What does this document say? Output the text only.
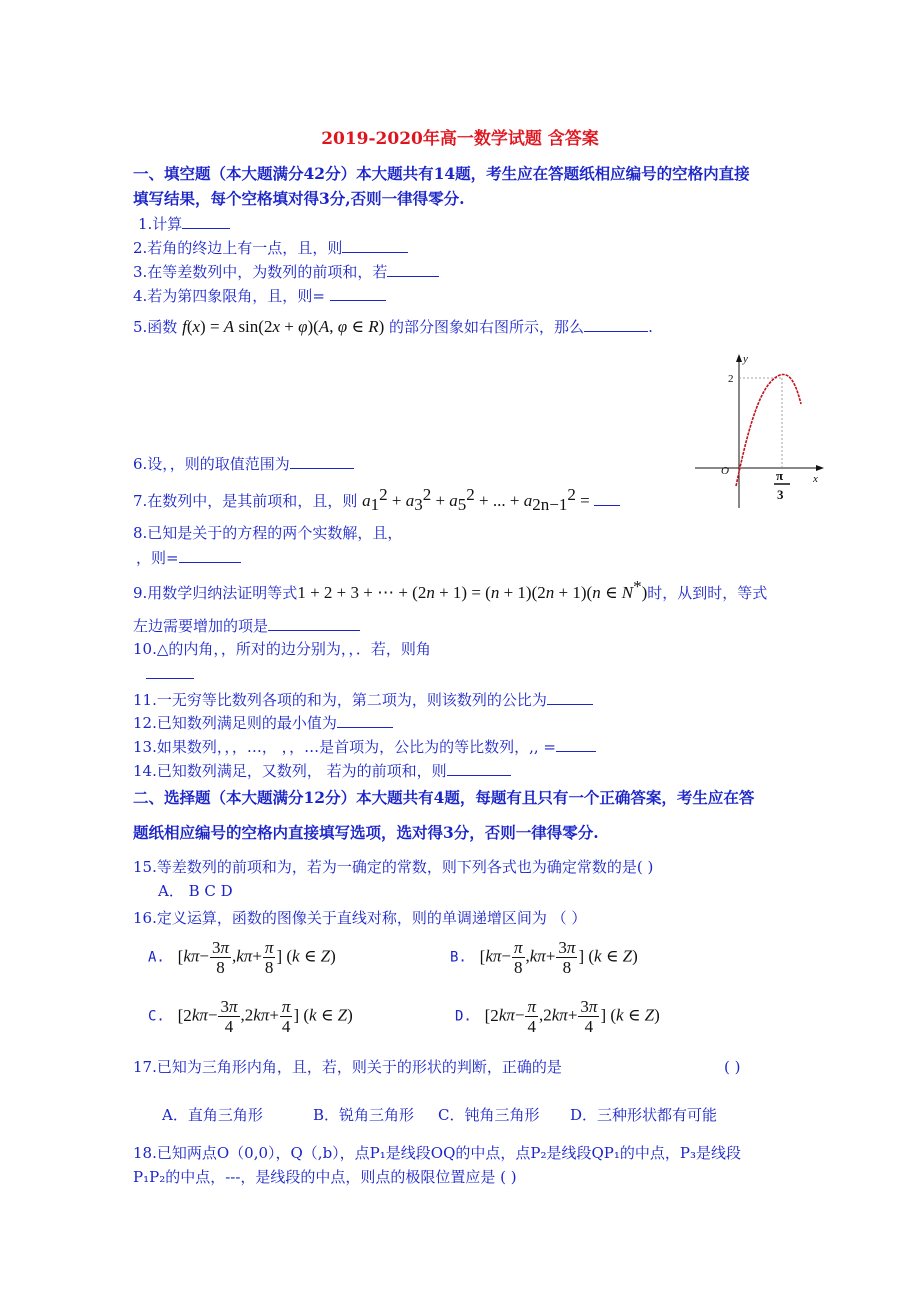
2019-2020年高一数学试题 含答案
一、填空题（本大题满分42分）本大题共有14题，考生应在答题纸相应编号的空格内直接
填写结果，每个空格填对得3分,否则一律得零分.
1.计算
2.若角的终边上有一点，且，则
3.在等差数列中，为数列的前项和，若
4.若为第四象限角，且，则=
5.函数 f(x) = A sin(2x + φ)(A, φ ∈ R) 的部分图象如右图所示，那么	.
y
x
O
2
π
3
6.设，，则的取值范围为
7.在数列中，是其前项和，且，则 $a_1^2 + a_3^2 + a_5^2$ + ... + $a_{2n-1}^2$ =
8.已知是关于的方程的两个实数解，且，
，则=
9.用数学归纳法证明等式1 + 2 + 3 + ⋯ + (2n + 1) = (n + 1)(2n + 1)(n ∈ N*)时，从到时，等式
左边需要增加的项是
10.△的内角，，所对的边分别为，，．若，则角
11.一无穷等比数列各项的和为，第二项为，则该数列的公比为
12.已知数列满足则的最小值为
13.如果数列，，，…， ，，…是首项为，公比为的等比数列，,, =
14.已知数列满足，又数列， 若为的前项和，则
二、选择题（本大题满分12分）本大题共有4题，每题有且只有一个正确答案，考生应在答
题纸相应编号的空格内直接填写选项，选对得3分，否则一律得零分.
15.等差数列的前项和为，若为一确定的常数，则下列各式也为确定常数的是( )
A． B C D
16.定义运算，函数的图像关于直线对称，则的单调递增区间为 （ ）
A. [$k\pi- \frac{3\pi}{8} ,k\pi+ \frac{\pi}{8}$ ] (k ∈ Z)	B. [$k\pi- \frac{\pi}{8} ,k\pi+ \frac{3\pi}{8}$ ] (k ∈ Z)
C. [$2k\pi- \frac{3\pi}{4} ,2k\pi+ \frac{\pi}{4}$ ] (k ∈ Z)	D. [$2k\pi- \frac{\pi}{4} ,2k\pi+ \frac{3\pi}{4}$ ] (k ∈ Z)
17.已知为三角形内角，且，若，则关于的形状的判断，正确的是	( )
A．直角三角形	B．锐角三角形 C．钝角三角形 D．三种形状都有可能
18.已知两点O（0,0），Q（,b），点P₁是线段OQ的中点，点P₂是线段QP₁的中点，P₃是线段
P₁P₂的中点，---，是线段的中点，则点的极限位置应是 ( )
